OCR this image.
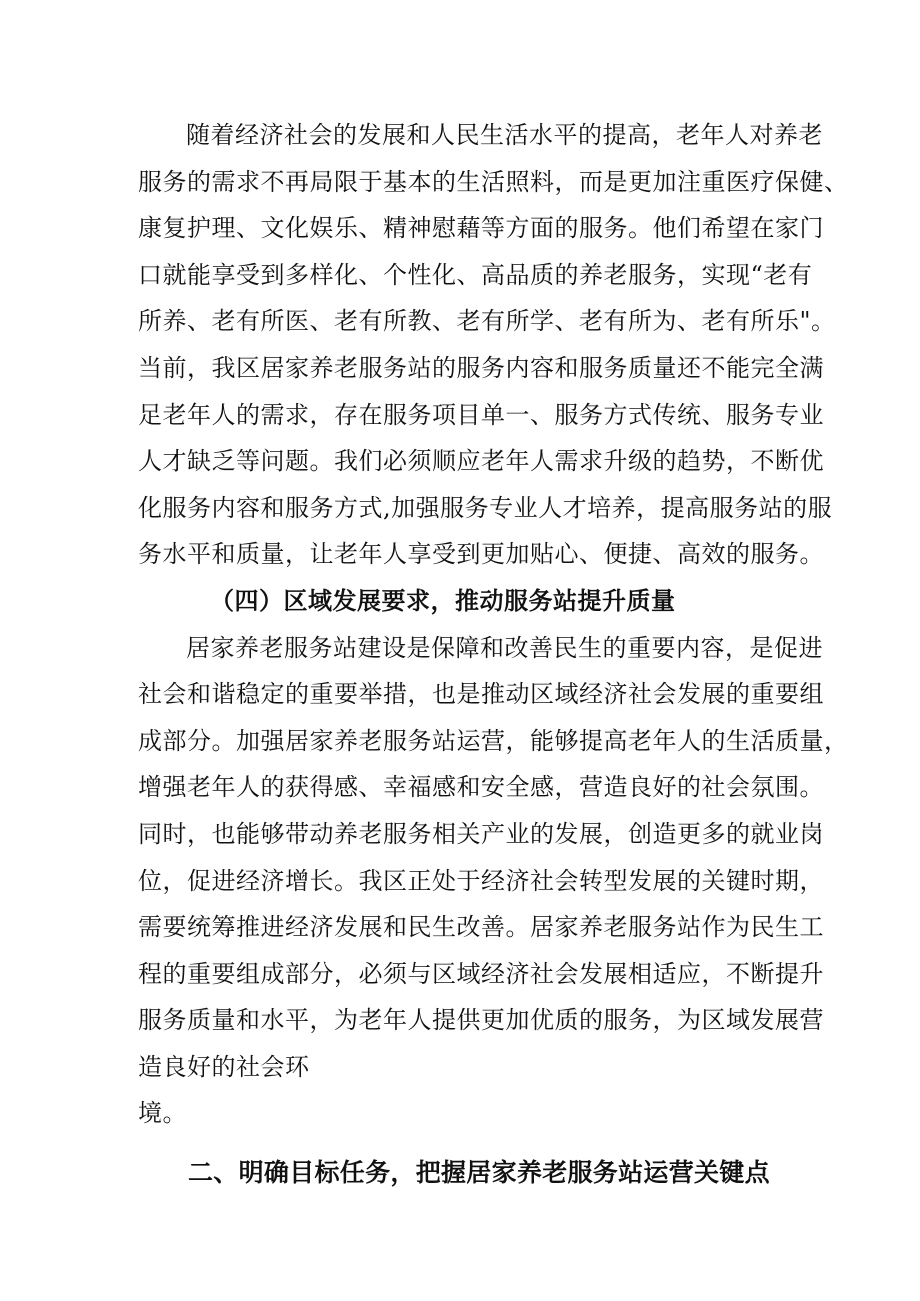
随着经济社会的发展和人民生活水平的提高，老年人对养老
服务的需求不再局限于基本的生活照料，而是更加注重医疗保健、
康复护理、文化娱乐、精神慰藉等方面的服务。他们希望在家门
口就能享受到多样化、个性化、高品质的养老服务，实现“老有
所养、老有所医、老有所教、老有所学、老有所为、老有所乐"。
当前，我区居家养老服务站的服务内容和服务质量还不能完全满
足老年人的需求，存在服务项目单一、服务方式传统、服务专业
人才缺乏等问题。我们必须顺应老年人需求升级的趋势，不断优
化服务内容和服务方式,加强服务专业人才培养，提高服务站的服
务水平和质量，让老年人享受到更加贴心、便捷、高效的服务。
（四）区域发展要求，推动服务站提升质量
居家养老服务站建设是保障和改善民生的重要内容，是促进
社会和谐稳定的重要举措，也是推动区域经济社会发展的重要组
成部分。加强居家养老服务站运营，能够提高老年人的生活质量，
增强老年人的获得感、幸福感和安全感，营造良好的社会氛围。
同时，也能够带动养老服务相关产业的发展，创造更多的就业岗
位，促进经济增长。我区正处于经济社会转型发展的关键时期，
需要统筹推进经济发展和民生改善。居家养老服务站作为民生工
程的重要组成部分，必须与区域经济社会发展相适应，不断提升
服务质量和水平，为老年人提供更加优质的服务，为区域发展营
造良好的社会环
境。
二、明确目标任务，把握居家养老服务站运营关键点
